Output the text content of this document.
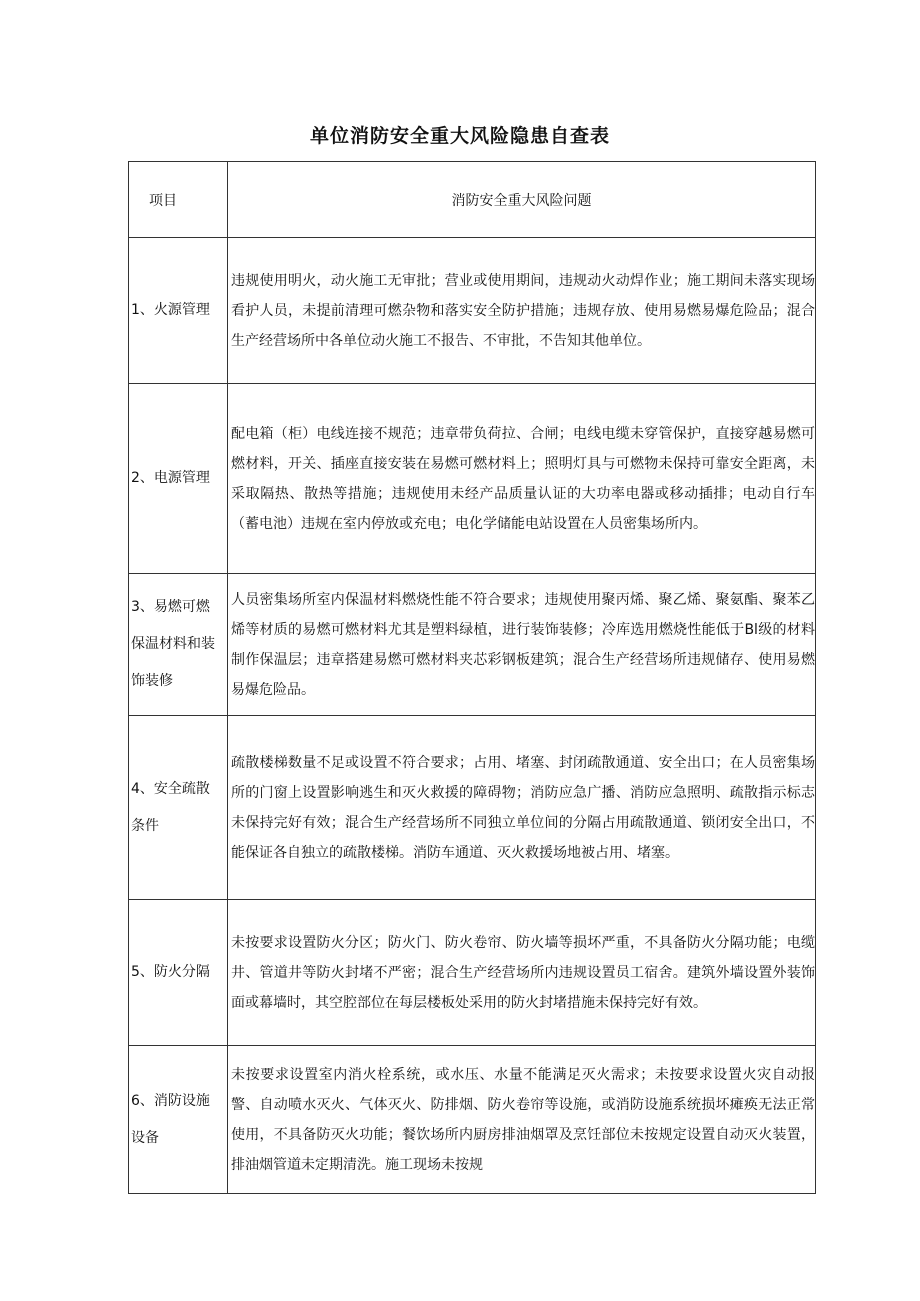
单位消防安全重大风险隐患自查表
项目	消防安全重大风险问题
1、火源管理	违规使用明火，动火施工无审批；营业或使用期间，违规动火动焊作业；施工期间未落实现场看护人员，未提前清理可燃杂物和落实安全防护措施；违规存放、使用易燃易爆危险品；混合生产经营场所中各单位动火施工不报告、不审批，不告知其他单位。
2、电源管理	配电箱（柜）电线连接不规范；违章带负荷拉、合闸；电线电缆未穿管保护，直接穿越易燃可燃材料，开关、插座直接安装在易燃可燃材料上；照明灯具与可燃物未保持可靠安全距离，未采取隔热、散热等措施；违规使用未经产品质量认证的大功率电器或移动插排；电动自行车（蓄电池）违规在室内停放或充电；电化学储能电站设置在人员密集场所内。
3、易燃可燃保温材料和装饰装修	人员密集场所室内保温材料燃烧性能不符合要求；违规使用聚丙烯、聚乙烯、聚氨酯、聚苯乙烯等材质的易燃可燃材料尤其是塑料绿植，进行装饰装修；冷库选用燃烧性能低于Bl级的材料制作保温层；违章搭建易燃可燃材料夹芯彩钢板建筑；混合生产经营场所违规储存、使用易燃易爆危险品。
4、安全疏散条件	疏散楼梯数量不足或设置不符合要求；占用、堵塞、封闭疏散通道、安全出口；在人员密集场所的门窗上设置影响逃生和灭火救援的障碍物；消防应急广播、消防应急照明、疏散指示标志未保持完好有效；混合生产经营场所不同独立单位间的分隔占用疏散通道、锁闭安全出口，不能保证各自独立的疏散楼梯。消防车通道、灭火救援场地被占用、堵塞。
5、防火分隔	未按要求设置防火分区；防火门、防火卷帘、防火墙等损坏严重，不具备防火分隔功能；电缆井、管道井等防火封堵不严密；混合生产经营场所内违规设置员工宿舍。建筑外墙设置外装饰面或幕墙时，其空腔部位在每层楼板处采用的防火封堵措施未保持完好有效。
6、消防设施设备	未按要求设置室内消火栓系统，或水压、水量不能满足灭火需求；未按要求设置火灾自动报警、自动喷水灭火、气体灭火、防排烟、防火卷帘等设施，或消防设施系统损坏瘫痪无法正常使用，不具备防灭火功能；餐饮场所内厨房排油烟罩及烹饪部位未按规定设置自动灭火装置，排油烟管道未定期清洗。施工现场未按规
